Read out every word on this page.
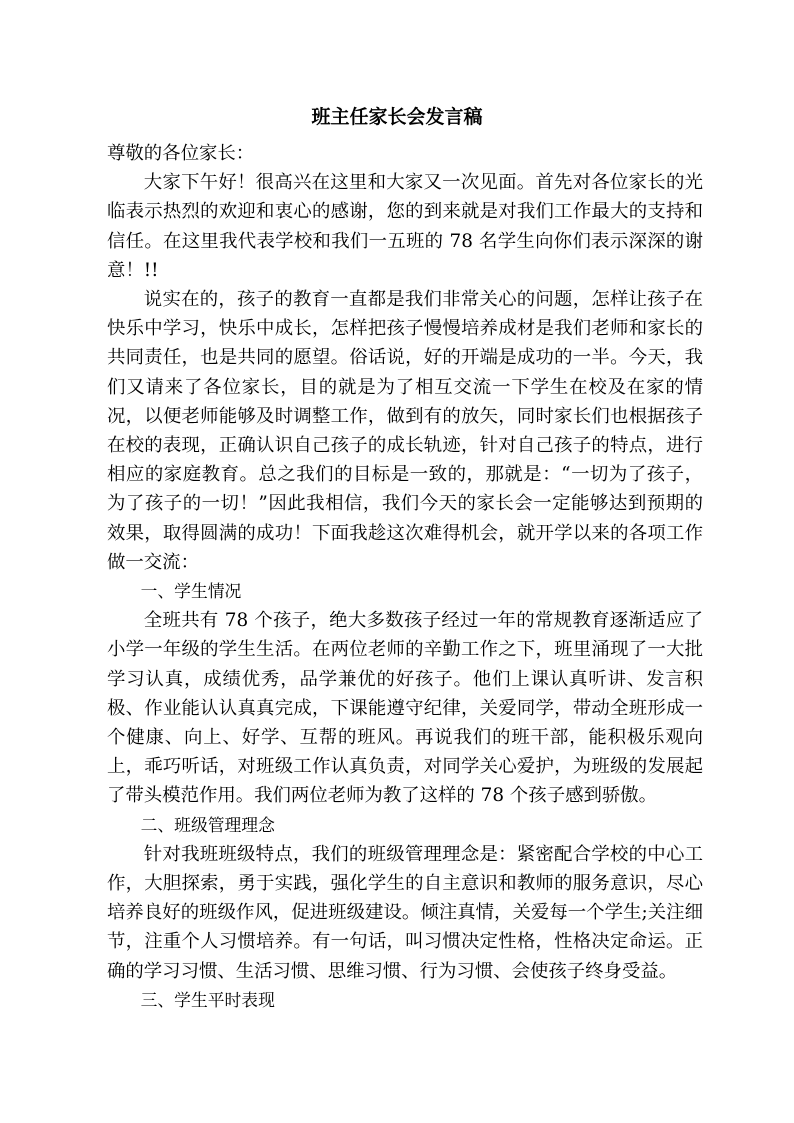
班主任家长会发言稿

尊敬的各位家长：

大家下午好！很高兴在这里和大家又一次见面。首先对各位家长的光临表示热烈的欢迎和衷心的感谢，您的到来就是对我们工作最大的支持和信任。在这里我代表学校和我们一五班的 78 名学生向你们表示深深的谢意！!!

说实在的，孩子的教育一直都是我们非常关心的问题，怎样让孩子在快乐中学习，快乐中成长，怎样把孩子慢慢培养成材是我们老师和家长的共同责任，也是共同的愿望。俗话说，好的开端是成功的一半。今天，我们又请来了各位家长，目的就是为了相互交流一下学生在校及在家的情况，以便老师能够及时调整工作，做到有的放矢，同时家长们也根据孩子在校的表现，正确认识自己孩子的成长轨迹，针对自己孩子的特点，进行相应的家庭教育。总之我们的目标是一致的，那就是：“一切为了孩子，为了孩子的一切！”因此我相信，我们今天的家长会一定能够达到预期的效果，取得圆满的成功！下面我趁这次难得机会，就开学以来的各项工作做一交流：

一、学生情况

全班共有 78 个孩子，绝大多数孩子经过一年的常规教育逐渐适应了小学一年级的学生生活。在两位老师的辛勤工作之下，班里涌现了一大批学习认真，成绩优秀，品学兼优的好孩子。他们上课认真听讲、发言积极、作业能认认真真完成，下课能遵守纪律，关爱同学，带动全班形成一个健康、向上、好学、互帮的班风。再说我们的班干部，能积极乐观向上，乖巧听话，对班级工作认真负责，对同学关心爱护，为班级的发展起了带头模范作用。我们两位老师为教了这样的 78 个孩子感到骄傲。

二、班级管理理念

针对我班班级特点，我们的班级管理理念是：紧密配合学校的中心工作，大胆探索，勇于实践，强化学生的自主意识和教师的服务意识，尽心培养良好的班级作风，促进班级建设。倾注真情，关爱每一个学生;关注细节，注重个人习惯培养。有一句话，叫习惯决定性格，性格决定命运。正确的学习习惯、生活习惯、思维习惯、行为习惯、会使孩子终身受益。

三、学生平时表现
